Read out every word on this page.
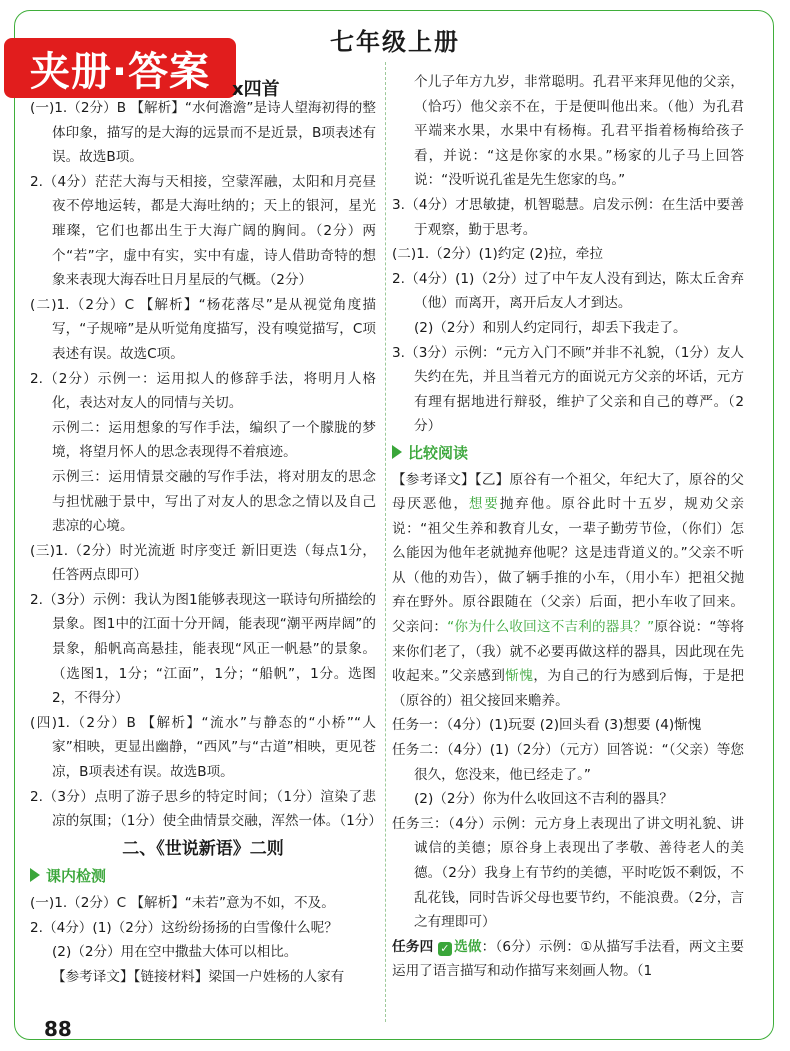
七年级上册
夹册·答案	x四首

(一)1.（2分）B 【解析】“水何澹澹”是诗人望海初得的整体印象，描写的是大海的远景而不是近景，B项表述有误。故选B项。

2.（4分）茫茫大海与天相接，空蒙浑融，太阳和月亮昼夜不停地运转，都是大海吐纳的；天上的银河，星光璀璨，它们也都出生于大海广阔的胸间。（2分）两个“若”字，虚中有实，实中有虚，诗人借助奇特的想象来表现大海吞吐日月星辰的气概。（2分）

(二)1.（2分）C 【解析】“杨花落尽”是从视觉角度描写，“子规啼”是从听觉角度描写，没有嗅觉描写，C项表述有误。故选C项。

2.（2分）示例一：运用拟人的修辞手法，将明月人格化，表达对友人的同情与关切。

示例二：运用想象的写作手法，编织了一个朦胧的梦境，将望月怀人的思念表现得不着痕迹。

示例三：运用情景交融的写作手法，将对朋友的思念与担忧融于景中，写出了对友人的思念之情以及自己悲凉的心境。

(三)1.（2分）时光流逝 时序变迁 新旧更迭（每点1分，任答两点即可）

2.（3分）示例：我认为图1能够表现这一联诗句所描绘的景象。图1中的江面十分开阔，能表现“潮平两岸阔”的景象，船帆高高悬挂，能表现“风正一帆悬”的景象。（选图1，1分；“江面”，1分；“船帆”，1分。选图2，不得分）

(四)1.（2分）B 【解析】“流水”与静态的“小桥”“人家”相映，更显出幽静，“西风”与“古道”相映，更见苍凉，B项表述有误。故选B项。

2.（3分）点明了游子思乡的特定时间；（1分）渲染了悲凉的氛围；（1分）使全曲情景交融，浑然一体。（1分）

二、《世说新语》二则
课内检测

(一)1.（2分）C 【解析】“未若”意为不如，不及。

2.（4分）(1)（2分）这纷纷扬扬的白雪像什么呢？

(2)（2分）用在空中撒盐大体可以相比。

【参考译文】【链接材料】梁国一户姓杨的人家有

个儿子年方九岁，非常聪明。孔君平来拜见他的父亲，（恰巧）他父亲不在，于是便叫他出来。（他）为孔君平端来水果，水果中有杨梅。孔君平指着杨梅给孩子看，并说：“这是你家的水果。”杨家的儿子马上回答说：“没听说孔雀是先生您家的鸟。”

3.（4分）才思敏捷，机智聪慧。启发示例：在生活中要善于观察，勤于思考。

(二)1.（2分）(1)约定 (2)拉，牵拉

2.（4分）(1)（2分）过了中午友人没有到达，陈太丘舍弃（他）而离开，离开后友人才到达。

(2)（2分）和别人约定同行，却丢下我走了。

3.（3分）示例：“元方入门不顾”并非不礼貌，（1分）友人失约在先，并且当着元方的面说元方父亲的坏话，元方有理有据地进行辩驳，维护了父亲和自己的尊严。（2分）

比较阅读

【参考译文】【乙】原谷有一个祖父，年纪大了，原谷的父母厌恶他，想要抛弃他。原谷此时十五岁，规劝父亲说：“祖父生养和教育儿女，一辈子勤劳节俭，（你们）怎么能因为他年老就抛弃他呢？这是违背道义的。”父亲不听从（他的劝告），做了辆手推的小车，（用小车）把祖父抛弃在野外。原谷跟随在（父亲）后面，把小车收了回来。父亲问：“你为什么收回这不吉利的器具？”原谷说：“等将来你们老了，（我）就不必要再做这样的器具，因此现在先收起来。”父亲感到惭愧，为自己的行为感到后悔，于是把（原谷的）祖父接回来赡养。

任务一：（4分）(1)玩耍 (2)回头看 (3)想要 (4)惭愧

任务二：（4分）(1)（2分）（元方）回答说：“（父亲）等您很久，您没来，他已经走了。”

(2)（2分）你为什么收回这不吉利的器具？

任务三：（4分）示例：元方身上表现出了讲文明礼貌、讲诚信的美德；原谷身上表现出了孝敬、善待老人的美德。（2分）我身上有节约的美德，平时吃饭不剩饭，不乱花钱，同时告诉父母也要节约，不能浪费。（2分，言之有理即可）

任务四 ✓ 选做：（6分）示例：①从描写手法看，两文主要运用了语言描写和动作描写来刻画人物。（1

88
